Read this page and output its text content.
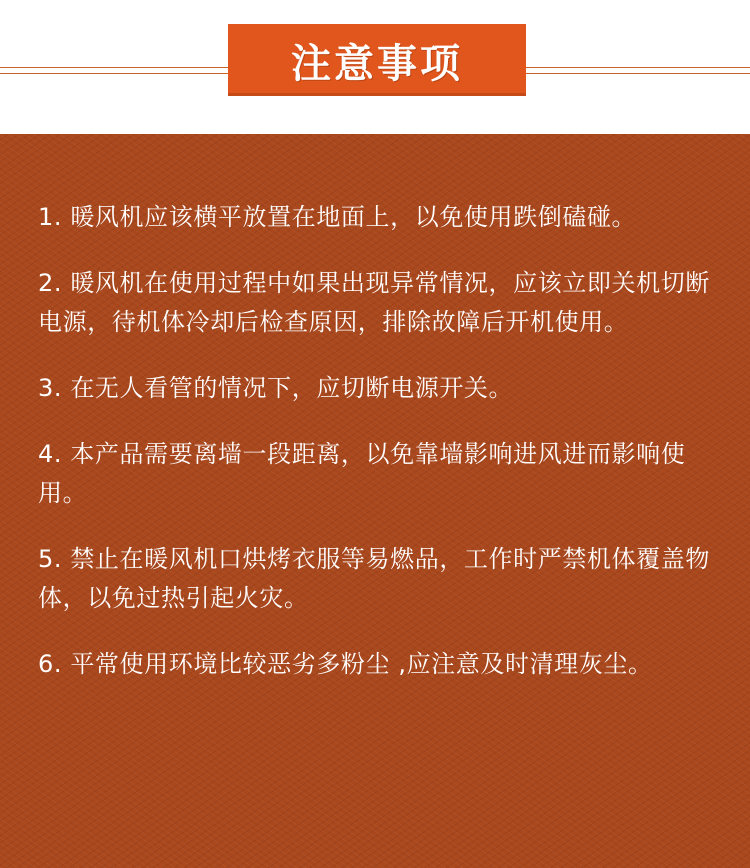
注意事项
1. 暖风机应该横平放置在地面上，以免使用跌倒磕碰。
2. 暖风机在使用过程中如果出现异常情况，应该立即关机切断电源，待机体冷却后检查原因，排除故障后开机使用。
3. 在无人看管的情况下，应切断电源开关。
4. 本产品需要离墙一段距离，以免靠墙影响进风进而影响使用。
5. 禁止在暖风机口烘烤衣服等易燃品，工作时严禁机体覆盖物体，以免过热引起火灾。
6. 平常使用环境比较恶劣多粉尘 ,应注意及时清理灰尘。
